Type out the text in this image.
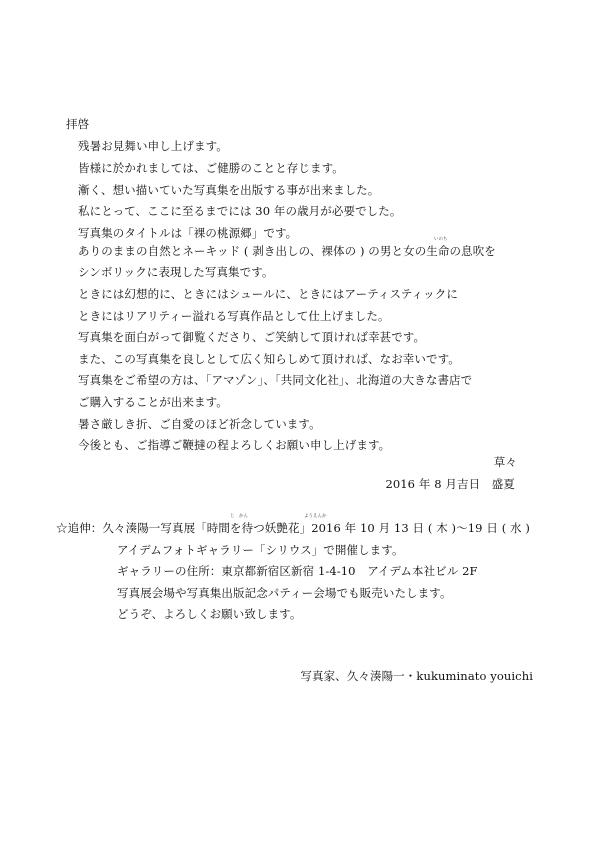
拝啓
残暑お見舞い申し上げます。
皆様に於かれましては、ご健勝のことと存じます。
漸く、想い描いていた写真集を出版する事が出来ました。
私にとって、ここに至るまでには 30 年の歳月が必要でした。
写真集のタイトルは「裸の桃源郷」です。	いのち
ありのままの自然とネーキッド ( 剥き出しの、裸体の ) の男と女の生命の息吹を
シンボリックに表現した写真集です。
ときには幻想的に、ときにはシュールに、ときにはアーティスティックに
ときにはリアリティー溢れる写真作品として仕上げました。
写真集を面白がって御覧くださり、ご笑納して頂ければ幸甚です。
また、この写真集を良しとして広く知らしめて頂ければ、なお幸いです。
写真集をご希望の方は、「アマゾン」、「共同文化社」、北海道の大きな書店で
ご購入することが出来ます。
暑さ厳しき折、ご自愛のほど祈念しています。
今後とも、ご指導ご鞭撻の程よろしくお願い申し上げます。
草々
2016 年 8 月吉日　盛夏
じ　かん	ようえんか
☆追伸：久々湊陽一写真展「時間を待つ妖艶花」2016 年 10 月 13 日 ( 木 )〜19 日 ( 水 )
アイデムフォトギャラリー「シリウス」で開催します。
ギャラリーの住所：東京都新宿区新宿 1-4-10　アイデム本社ビル 2F
写真展会場や写真集出版記念パティー会場でも販売いたします。
どうぞ、よろしくお願い致します。
写真家、久々湊陽一・kukuminato youichi
